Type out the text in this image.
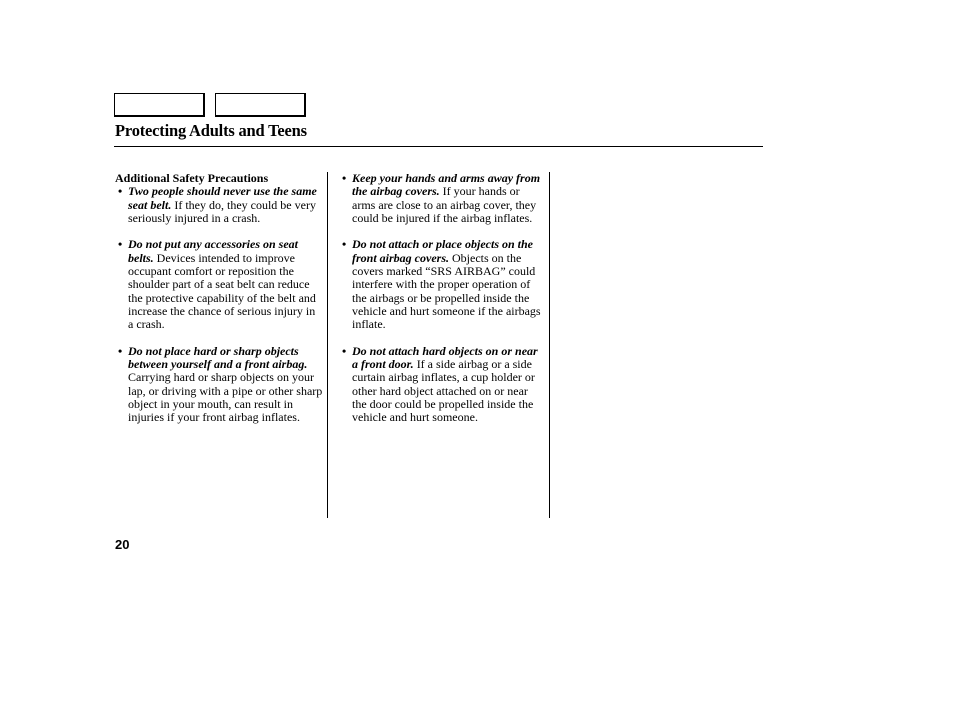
Protecting Adults and Teens

Additional Safety Precautions

• Two people should never use the same seat belt. If they do, they could be very seriously injured in a crash.
• Do not put any accessories on seat belts. Devices intended to improve occupant comfort or reposition the shoulder part of a seat belt can reduce the protective capability of the belt and increase the chance of serious injury in a crash.
• Do not place hard or sharp objects between yourself and a front airbag. Carrying hard or sharp objects on your lap, or driving with a pipe or other sharp object in your mouth, can result in injuries if your front airbag inflates.
• Keep your hands and arms away from the airbag covers. If your hands or arms are close to an airbag cover, they could be injured if the airbag inflates.
• Do not attach or place objects on the front airbag covers. Objects on the covers marked “SRS AIRBAG” could interfere with the proper operation of the airbags or be propelled inside the vehicle and hurt someone if the airbags inflate.
• Do not attach hard objects on or near a front door. If a side airbag or a side curtain airbag inflates, a cup holder or other hard object attached on or near the door could be propelled inside the vehicle and hurt someone.
20
